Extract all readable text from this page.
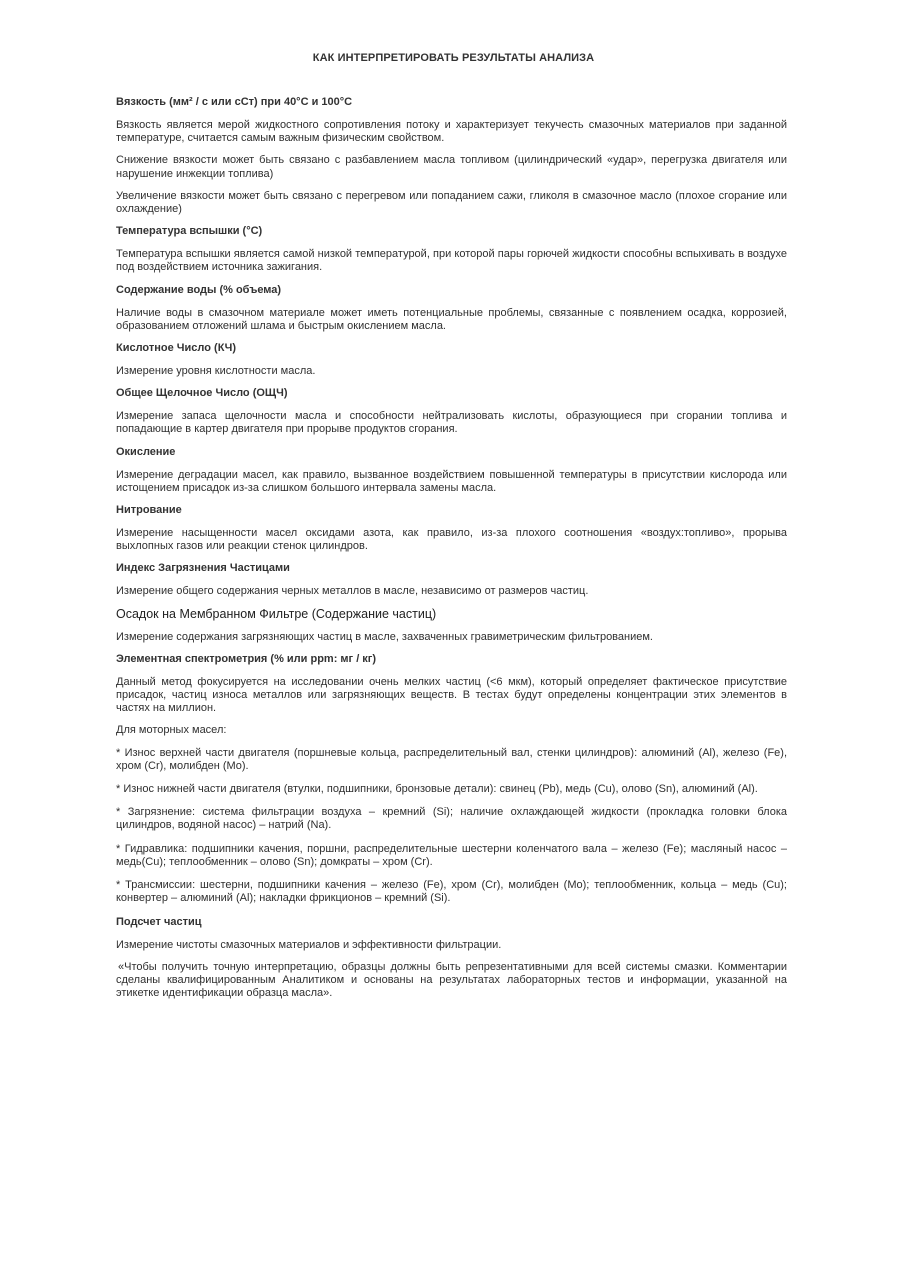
КАК ИНТЕРПРЕТИРОВАТЬ РЕЗУЛЬТАТЫ АНАЛИЗА
Вязкость (мм² / с или сСт) при 40°С и 100°С

Вязкость является мерой жидкостного сопротивления потоку и характеризует текучесть смазочных материалов при заданной температуре, считается самым важным физическим свойством.

Снижение вязкости может быть связано с разбавлением масла топливом (цилиндрический «удар», перегрузка двигателя или нарушение инжекции топлива)

Увеличение вязкости может быть связано с перегревом или попаданием сажи, гликоля в смазочное масло (плохое сгорание или охлаждение)

Температура вспышки (°С)

Температура вспышки является самой низкой температурой, при которой пары горючей жидкости способны вспыхивать в воздухе под воздействием источника зажигания.

Содержание воды (% объема)

Наличие воды в смазочном материале может иметь потенциальные проблемы, связанные с появлением осадка, коррозией, образованием отложений шлама и быстрым окислением масла.

Кислотное Число (КЧ)

Измерение уровня кислотности масла.

Общее Щелочное Число (ОЩЧ)

Измерение запаса щелочности масла и способности нейтрализовать кислоты, образующиеся при сгорании топлива и попадающие в картер двигателя при прорыве продуктов сгорания.

Окисление

Измерение деградации масел, как правило, вызванное воздействием повышенной температуры в присутствии кислорода или истощением присадок из-за слишком большого интервала замены масла.

Нитрование

Измерение насыщенности масел оксидами азота, как правило, из-за плохого соотношения «воздух:топливо», прорыва выхлопных газов или реакции стенок цилиндров.

Индекс Загрязнения Частицами

Измерение общего содержания черных металлов в масле, независимо от размеров частиц.

Осадок на Мембранном Фильтре (Содержание частиц)

Измерение содержания загрязняющих частиц в масле, захваченных гравиметрическим фильтрованием.

Элементная спектрометрия (% или ppm: мг / кг)

Данный метод фокусируется на исследовании очень мелких частиц (<6 мкм), который определяет фактическое присутствие присадок, частиц износа металлов или загрязняющих веществ. В тестах будут определены концентрации этих элементов в частях на миллион.

Для моторных масел:

* Износ верхней части двигателя (поршневые кольца, распределительный вал, стенки цилиндров): алюминий (Al), железо (Fe), хром (Cr), молибден (Mo).

* Износ нижней части двигателя (втулки, подшипники, бронзовые детали): свинец (Pb), медь (Cu), олово (Sn), алюминий (Al).

* Загрязнение: система фильтрации воздуха – кремний (Si); наличие охлаждающей жидкости (прокладка головки блока цилиндров, водяной насос) – натрий (Na).

* Гидравлика: подшипники качения, поршни, распределительные шестерни коленчатого вала – железо (Fe); масляный насос – медь(Cu); теплообменник – олово (Sn); домкраты – хром (Cr).

* Трансмиссии: шестерни, подшипники качения – железо (Fe), хром (Cr), молибден (Mo); теплообменник, кольца – медь (Cu); конвертер – алюминий (Al); накладки фрикционов – кремний (Si).

Подсчет частиц

Измерение чистоты смазочных материалов и эффективности фильтрации.

«Чтобы получить точную интерпретацию, образцы должны быть репрезентативными для всей системы смазки. Комментарии сделаны квалифицированным Аналитиком и основаны на результатах лабораторных тестов и информации, указанной на этикетке идентификации образца масла».
